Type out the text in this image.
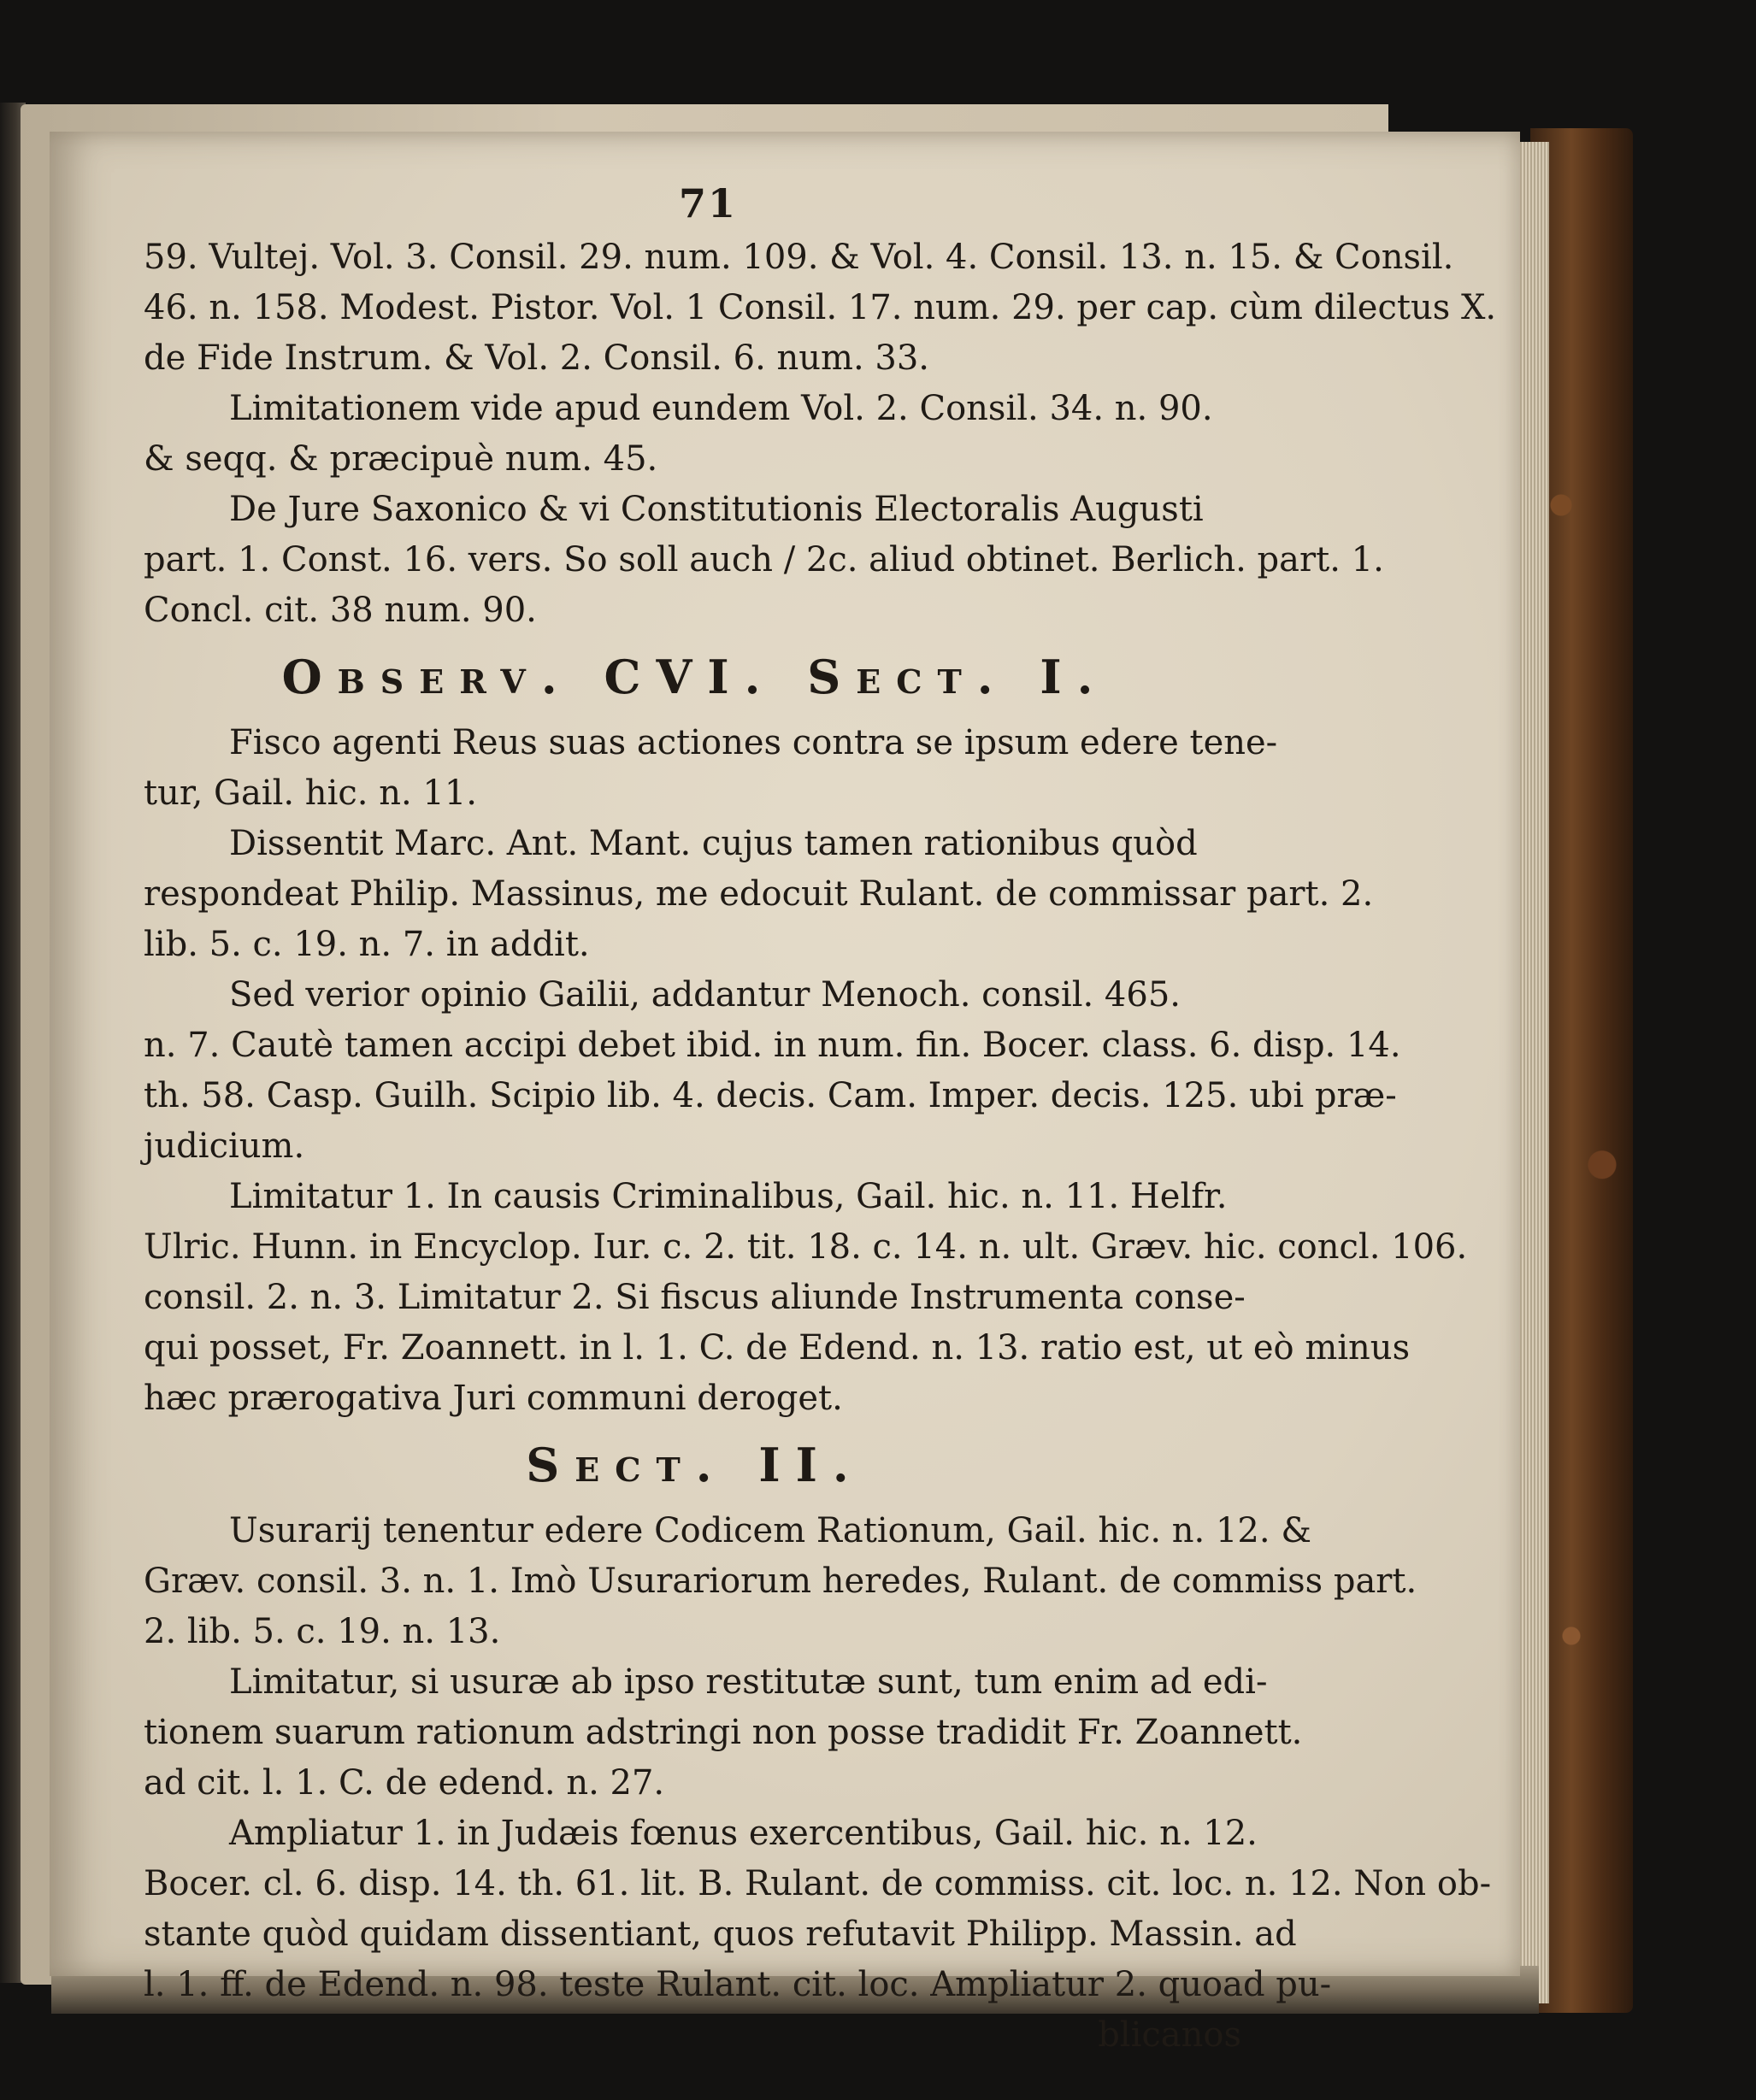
71
59. Vultej. Vol. 3. Consil. 29. num. 109. & Vol. 4. Consil. 13. n. 15. & Consil.
46. n. 158. Modest. Pistor. Vol. 1 Consil. 17. num. 29. per cap. cùm dilectus X.
de Fide Instrum. & Vol. 2. Consil. 6. num. 33.
Limitationem vide apud eundem Vol. 2. Consil. 34. n. 90.
& seqq. & præcipuè num. 45.
De Jure Saxonico & vi Constitutionis Electoralis Augusti
part. 1. Const. 16. vers. So soll auch / 2c. aliud obtinet. Berlich. part. 1.
Concl. cit. 38 num. 90.
Observ. CVI. Sect. I.
Fisco agenti Reus suas actiones contra se ipsum edere tene-
tur, Gail. hic. n. 11.
Dissentit Marc. Ant. Mant. cujus tamen rationibus quòd
respondeat Philip. Massinus, me edocuit Rulant. de commissar part. 2.
lib. 5. c. 19. n. 7. in addit.
Sed verior opinio Gailii, addantur Menoch. consil. 465.
n. 7. Cautè tamen accipi debet ibid. in num. fin. Bocer. class. 6. disp. 14.
th. 58. Casp. Guilh. Scipio lib. 4. decis. Cam. Imper. decis. 125. ubi præ-
judicium.
Limitatur 1. In causis Criminalibus, Gail. hic. n. 11. Helfr.
Ulric. Hunn. in Encyclop. Iur. c. 2. tit. 18. c. 14. n. ult. Græv. hic. concl. 106.
consil. 2. n. 3. Limitatur 2. Si fiscus aliunde Instrumenta conse-
qui posset, Fr. Zoannett. in l. 1. C. de Edend. n. 13. ratio est, ut eò minus
hæc prærogativa Juri communi deroget.
Sect. II.
Usurarij tenentur edere Codicem Rationum, Gail. hic. n. 12. &
Græv. consil. 3. n. 1. Imò Usurariorum heredes, Rulant. de commiss part.
2. lib. 5. c. 19. n. 13.
Limitatur, si usuræ ab ipso restitutæ sunt, tum enim ad edi-
tionem suarum rationum adstringi non posse tradidit Fr. Zoannett.
ad cit. l. 1. C. de edend. n. 27.
Ampliatur 1. in Judæis fœnus exercentibus, Gail. hic. n. 12.
Bocer. cl. 6. disp. 14. th. 61. lit. B. Rulant. de commiss. cit. loc. n. 12. Non ob-
stante quòd quidam dissentiant, quos refutavit Philipp. Massin. ad
l. 1. ff. de Edend. n. 98. teste Rulant. cit. loc. Ampliatur 2. quoad pu-
blicanos
